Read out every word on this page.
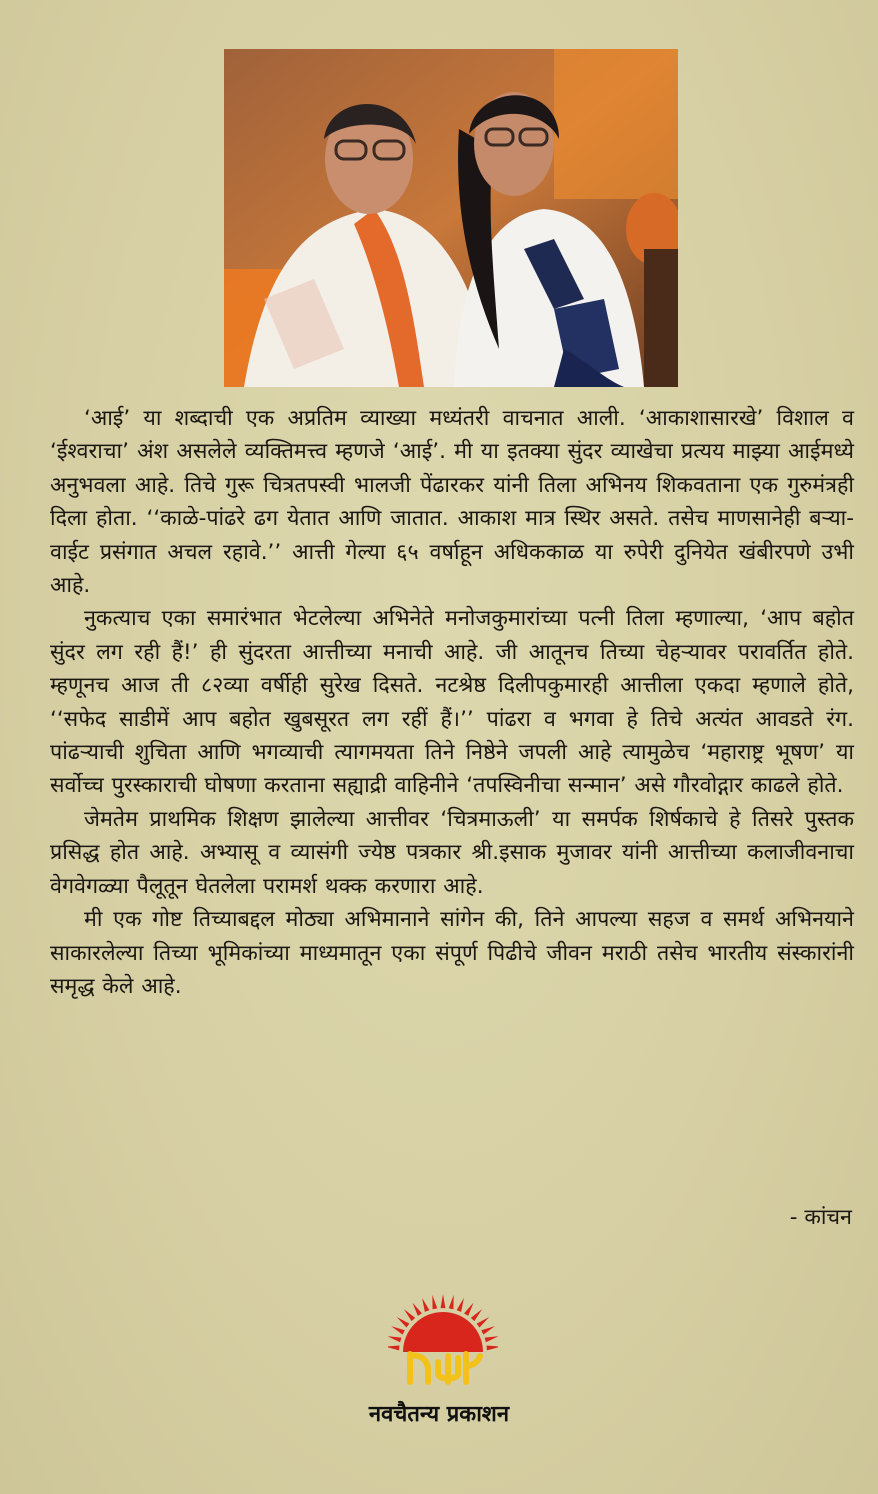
‘आई’ या शब्दाची एक अप्रतिम व्याख्या मध्यंतरी वाचनात आली. ‘आकाशासारखे’ विशाल व ‘ईश्वराचा’ अंश असलेले व्यक्तिमत्त्व म्हणजे ‘आई’. मी या इतक्या सुंदर व्याखेचा प्रत्यय माझ्या आईमध्ये अनुभवला आहे. तिचे गुरू चित्रतपस्वी भालजी पेंढारकर यांनी तिला अभिनय शिकवताना एक गुरुमंत्रही दिला होता. ‘‘काळे-पांढरे ढग येतात आणि जातात. आकाश मात्र स्थिर असते. तसेच माणसानेही बऱ्या-वाईट प्रसंगात अचल रहावे.’’ आत्ती गेल्या ६५ वर्षाहून अधिककाळ या रुपेरी दुनियेत खंबीरपणे उभी आहे.

नुकत्याच एका समारंभात भेटलेल्या अभिनेते मनोजकुमारांच्या पत्नी तिला म्हणाल्या, ‘आप बहोत सुंदर लग रही हैं!’ ही सुंदरता आत्तीच्या मनाची आहे. जी आतूनच तिच्या चेहऱ्यावर परावर्तित होते. म्हणूनच आज ती ८२व्या वर्षीही सुरेख दिसते. नटश्रेष्ठ दिलीपकुमारही आत्तीला एकदा म्हणाले होते, ‘‘सफेद साडीमें आप बहोत खुबसूरत लग रहीं हैं।’’ पांढरा व भगवा हे तिचे अत्यंत आवडते रंग. पांढऱ्याची शुचिता आणि भगव्याची त्यागमयता तिने निष्ठेने जपली आहे त्यामुळेच ‘महाराष्ट्र भूषण’ या सर्वोच्च पुरस्काराची घोषणा करताना सह्याद्री वाहिनीने ‘तपस्विनीचा सन्मान’ असे गौरवोद्गार काढले होते.

जेमतेम प्राथमिक शिक्षण झालेल्या आत्तीवर ‘चित्रमाऊली’ या समर्पक शिर्षकाचे हे तिसरे पुस्तक प्रसिद्ध होत आहे. अभ्यासू व व्यासंगी ज्येष्ठ पत्रकार श्री.इसाक मुजावर यांनी आत्तीच्या कलाजीवनाचा वेगवेगळ्या पैलूतून घेतलेला परामर्श थक्क करणारा आहे.

मी एक गोष्ट तिच्याबद्दल मोठ्या अभिमानाने सांगेन की, तिने आपल्या सहज व समर्थ अभिनयाने साकारलेल्या तिच्या भूमिकांच्या माध्यमातून एका संपूर्ण पिढीचे जीवन मराठी तसेच भारतीय संस्कारांनी समृद्ध केले आहे.

- कांचन

नवचैतन्य प्रकाशन
